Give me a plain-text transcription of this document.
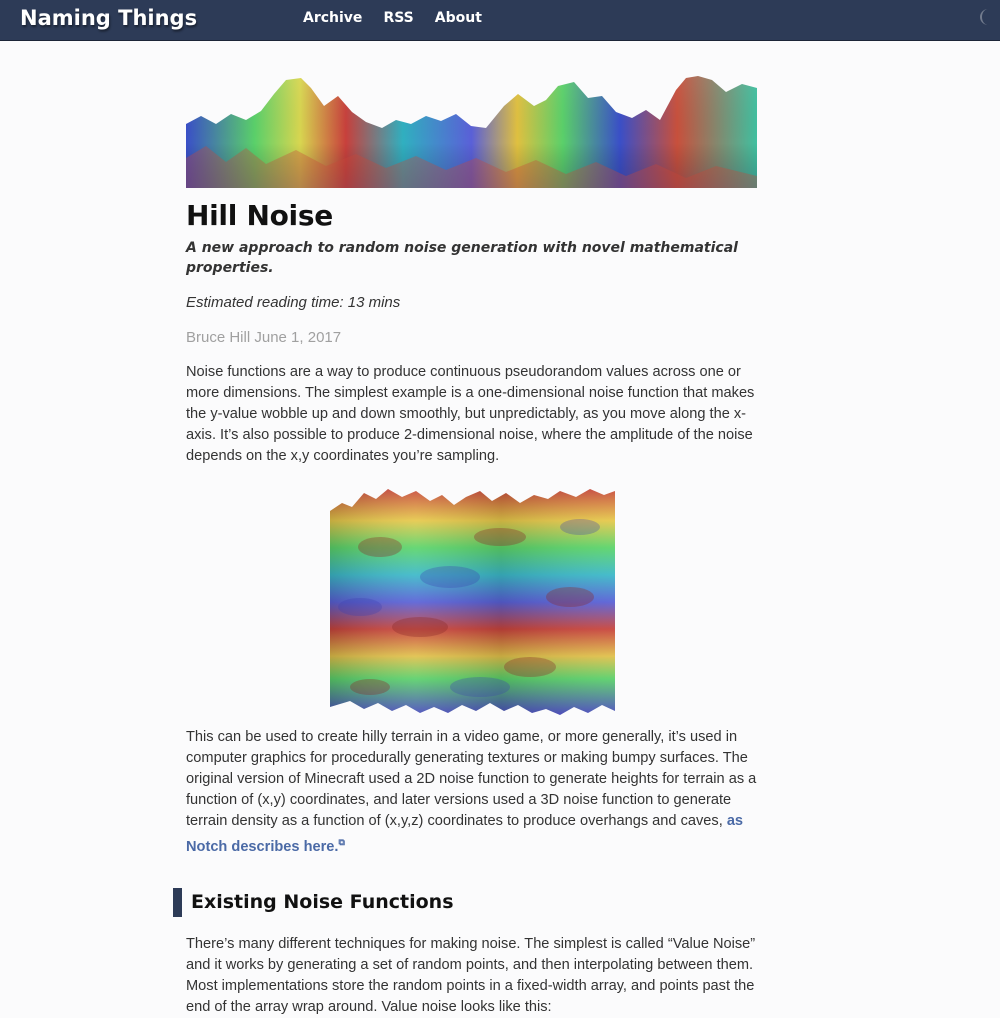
Naming Things	Archive RSS About
Hill Noise
A new approach to random noise generation with novel mathematical properties.
Estimated reading time: 13 mins
Bruce Hill June 1, 2017

Noise functions are a way to produce continuous pseudorandom values across one or more dimensions. The simplest example is a one-dimensional noise function that makes the y-value wobble up and down smoothly, but unpredictably, as you move along the x-axis. It’s also possible to produce 2-dimensional noise, where the amplitude of the noise depends on the x,y coordinates you’re sampling.

This can be used to create hilly terrain in a video game, or more generally, it’s used in computer graphics for procedurally generating textures or making bumpy surfaces. The original version of Minecraft used a 2D noise function to generate heights for terrain as a function of (x,y) coordinates, and later versions used a 3D noise function to generate terrain density as a function of (x,y,z) coordinates to produce overhangs and caves, as Notch describes here.⧉

Existing Noise Functions

There’s many different techniques for making noise. The simplest is called “Value Noise” and it works by generating a set of random points, and then interpolating between them. Most implementations store the random points in a fixed-width array, and points past the end of the array wrap around. Value noise looks like this:
